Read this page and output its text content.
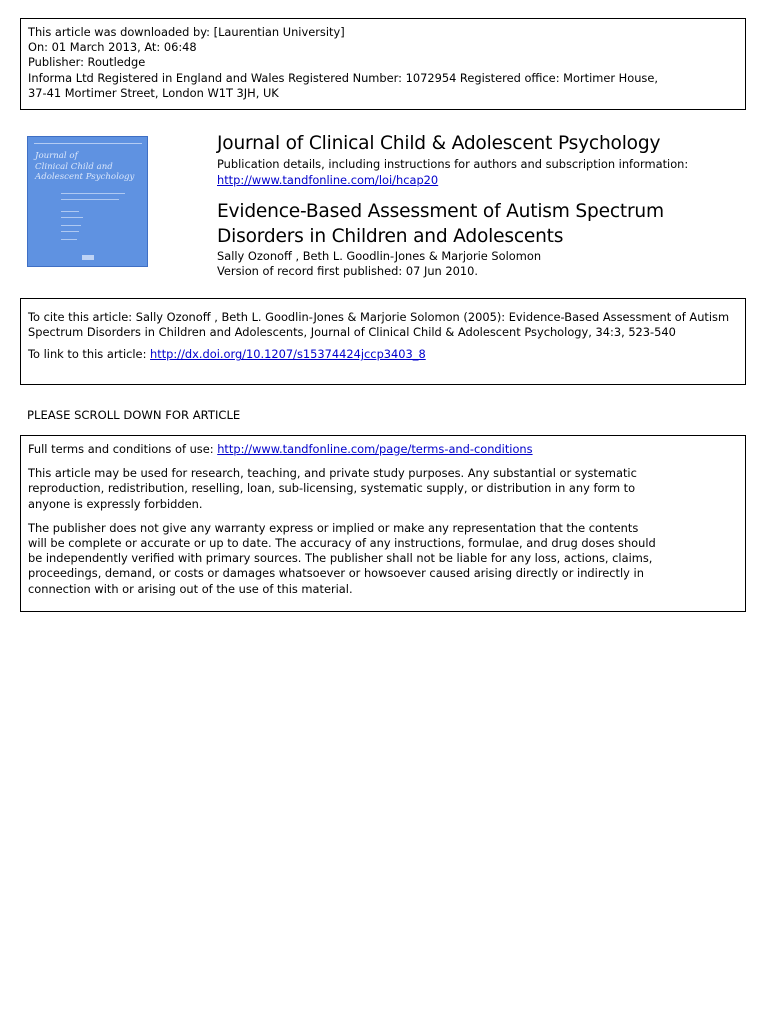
This article was downloaded by: [Laurentian University]
On: 01 March 2013, At: 06:48
Publisher: Routledge
Informa Ltd Registered in England and Wales Registered Number: 1072954 Registered office: Mortimer House,
37-41 Mortimer Street, London W1T 3JH, UK
Journal of
Clinical Child and
Adolescent Psychology
Journal of Clinical Child & Adolescent Psychology
Publication details, including instructions for authors and subscription information:
http://www.tandfonline.com/loi/hcap20
Evidence-Based Assessment of Autism Spectrum
Disorders in Children and Adolescents
Sally Ozonoff , Beth L. Goodlin-Jones & Marjorie Solomon
Version of record first published: 07 Jun 2010.
To cite this article: Sally Ozonoff , Beth L. Goodlin-Jones & Marjorie Solomon (2005): Evidence-Based Assessment of Autism
Spectrum Disorders in Children and Adolescents, Journal of Clinical Child & Adolescent Psychology, 34:3, 523-540
To link to this article: http://dx.doi.org/10.1207/s15374424jccp3403_8
PLEASE SCROLL DOWN FOR ARTICLE
Full terms and conditions of use: http://www.tandfonline.com/page/terms-and-conditions
This article may be used for research, teaching, and private study purposes. Any substantial or systematic
reproduction, redistribution, reselling, loan, sub-licensing, systematic supply, or distribution in any form to
anyone is expressly forbidden.
The publisher does not give any warranty express or implied or make any representation that the contents
will be complete or accurate or up to date. The accuracy of any instructions, formulae, and drug doses should
be independently verified with primary sources. The publisher shall not be liable for any loss, actions, claims,
proceedings, demand, or costs or damages whatsoever or howsoever caused arising directly or indirectly in
connection with or arising out of the use of this material.
